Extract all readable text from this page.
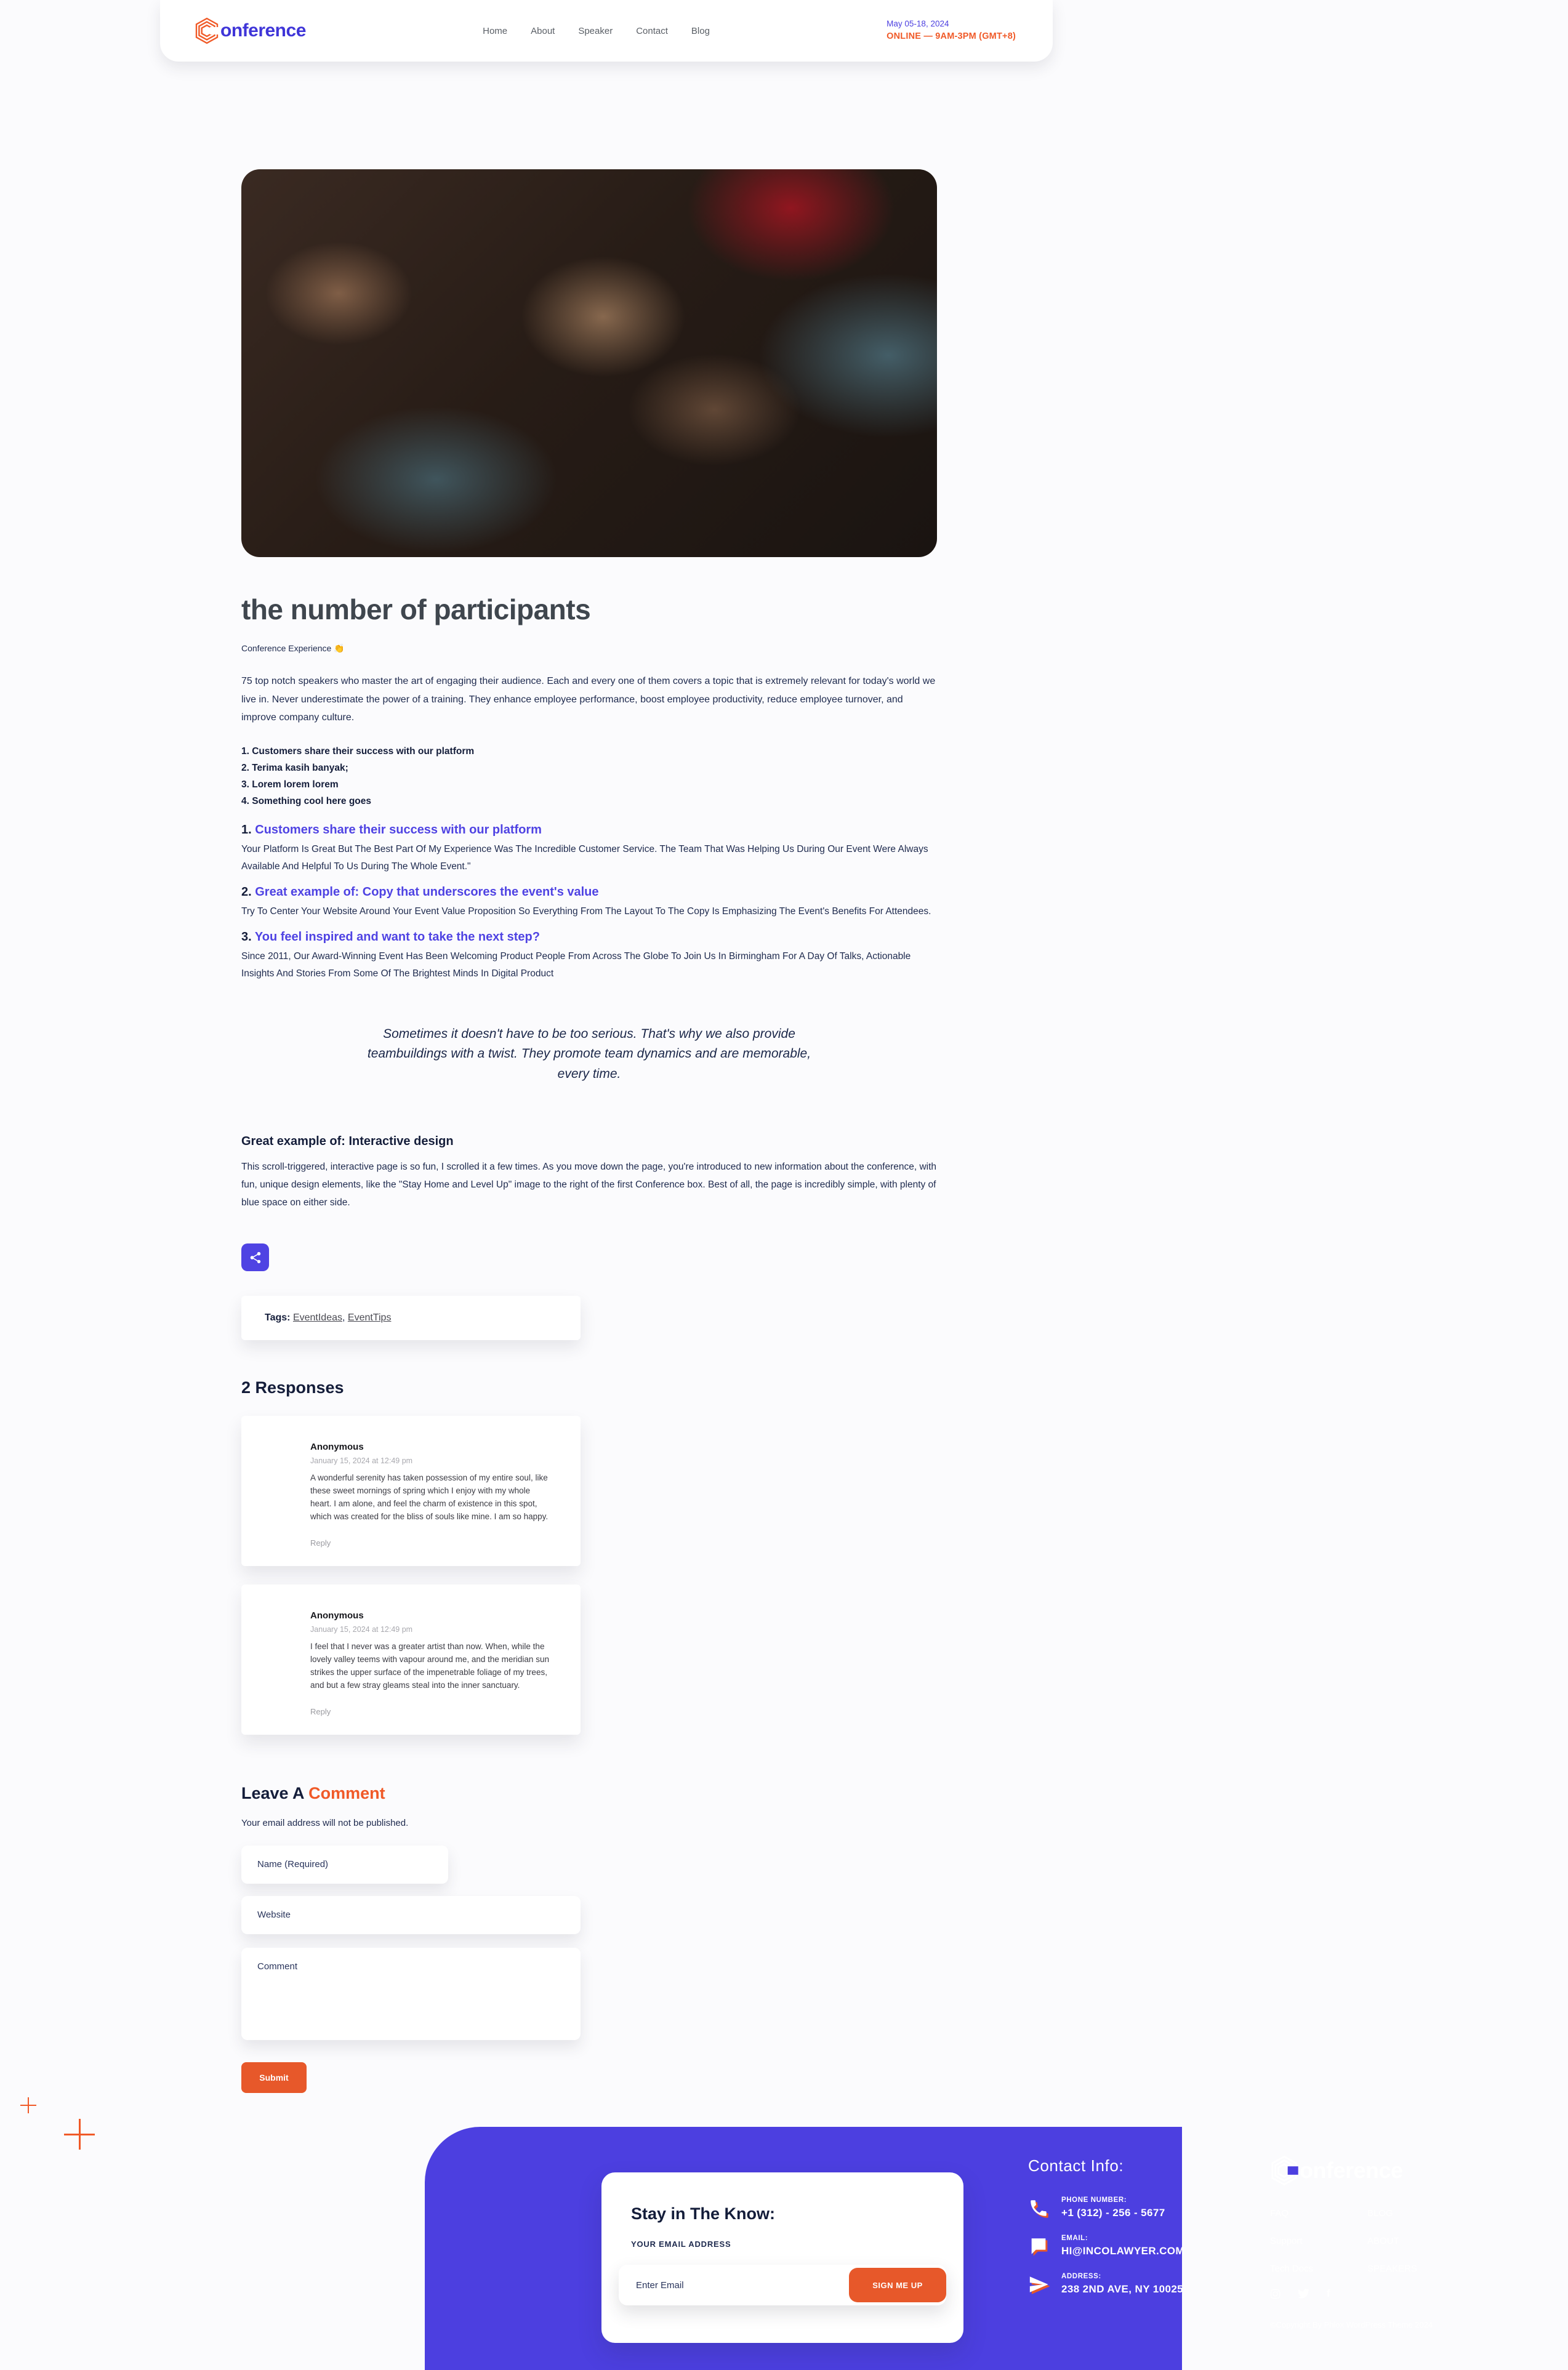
onference	Home	About	Speaker	Contact	Blog
May 05-18, 2024
ONLINE — 9AM-3PM (GMT+8)
the number of participants
Conference Experience 👏

75 top notch speakers who master the art of engaging their audience. Each and every one of them covers a topic that is extremely relevant for today's world we live in. Never underestimate the power of a training. They enhance employee performance, boost employee productivity, reduce employee turnover, and improve company culture.

1. Customers share their success with our platform
2. Terima kasih banyak;
3. Lorem lorem lorem
4. Something cool here goes
1. Customers share their success with our platform

Your Platform Is Great But The Best Part Of My Experience Was The Incredible Customer Service. The Team That Was Helping Us During Our Event Were Always Available And Helpful To Us During The Whole Event."

2. Great example of: Copy that underscores the event's value

Try To Center Your Website Around Your Event Value Proposition So Everything From The Layout To The Copy Is Emphasizing The Event's Benefits For Attendees.

3. You feel inspired and want to take the next step?

Since 2011, Our Award-Winning Event Has Been Welcoming Product People From Across The Globe To Join Us In Birmingham For A Day Of Talks, Actionable Insights And Stories From Some Of The Brightest Minds In Digital Product

Sometimes it doesn't have to be too serious. That's why we also provide teambuildings with a twist. They promote team dynamics and are memorable, every time.
Great example of: Interactive design

This scroll-triggered, interactive page is so fun, I scrolled it a few times. As you move down the page, you're introduced to new information about the conference, with fun, unique design elements, like the "Stay Home and Level Up" image to the right of the first Conference box. Best of all, the page is incredibly simple, with plenty of blue space on either side.

Tags: EventIdeas, EventTips
2 Responses
Anonymous
January 15, 2024 at 12:49 pm

A wonderful serenity has taken possession of my entire soul, like these sweet mornings of spring which I enjoy with my whole heart. I am alone, and feel the charm of existence in this spot, which was created for the bliss of souls like mine. I am so happy.

Reply
Anonymous
January 15, 2024 at 12:49 pm

I feel that I never was a greater artist than now. When, while the lovely valley teems with vapour around me, and the meridian sun strikes the upper surface of the impenetrable foliage of my trees, and but a few stray gleams steal into the inner sanctuary.

Reply
Leave A Comment

Your email address will not be published.

Name (Required)
Website
Comment Submit
Contact Info:
PHONE NUMBER:
+1 (312) - 256 - 5677
EMAIL:
HI@INCOLAWYER.COM
ADDRESS:
238 2ND AVE, NY 10025
onference
FAQ	BLOG
Support	ABOUT
Tech Docs	SPEAKERS
f
©Copyright By Phlox WordPress Theme 2024
Stay in The Know:
YOUR EMAIL ADDRESS
Enter Email
SIGN ME UP
